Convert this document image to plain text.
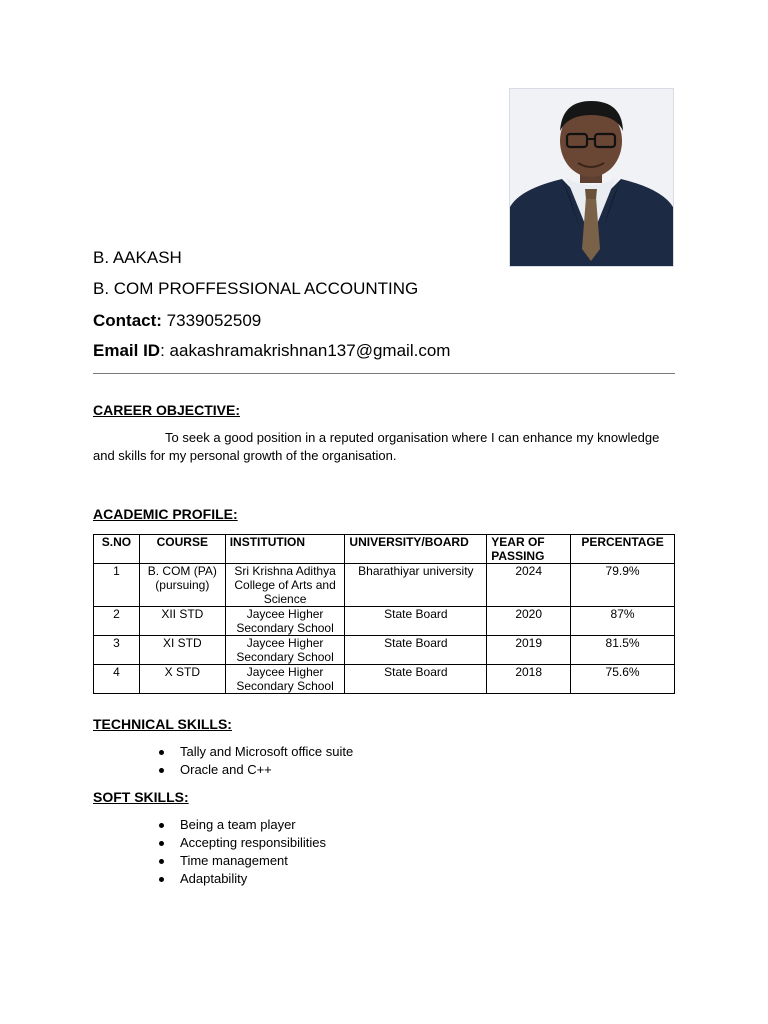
B. AAKASH
B. COM PROFFESSIONAL ACCOUNTING
Contact: 7339052509
Email ID: aakashramakrishnan137@gmail.com
CAREER OBJECTIVE:
To seek a good position in a reputed organisation where I can enhance my knowledge and skills for my personal growth of the organisation.
ACADEMIC PROFILE:
S.NO	COURSE	INSTITUTION	UNIVERSITY/BOARD	YEAR OF PASSING	PERCENTAGE
1	B. COM (PA) (pursuing)	Sri Krishna Adithya College of Arts and Science	Bharathiyar university	2024	79.9%
2	XII STD	Jaycee Higher Secondary School	State Board	2020	87%
3	XI STD	Jaycee Higher Secondary School	State Board	2019	81.5%
4	X STD	Jaycee Higher Secondary School	State Board	2018	75.6%
TECHNICAL SKILLS:
Tally and Microsoft office suite
Oracle and C++
SOFT SKILLS:
Being a team player
Accepting responsibilities
Time management
Adaptability
